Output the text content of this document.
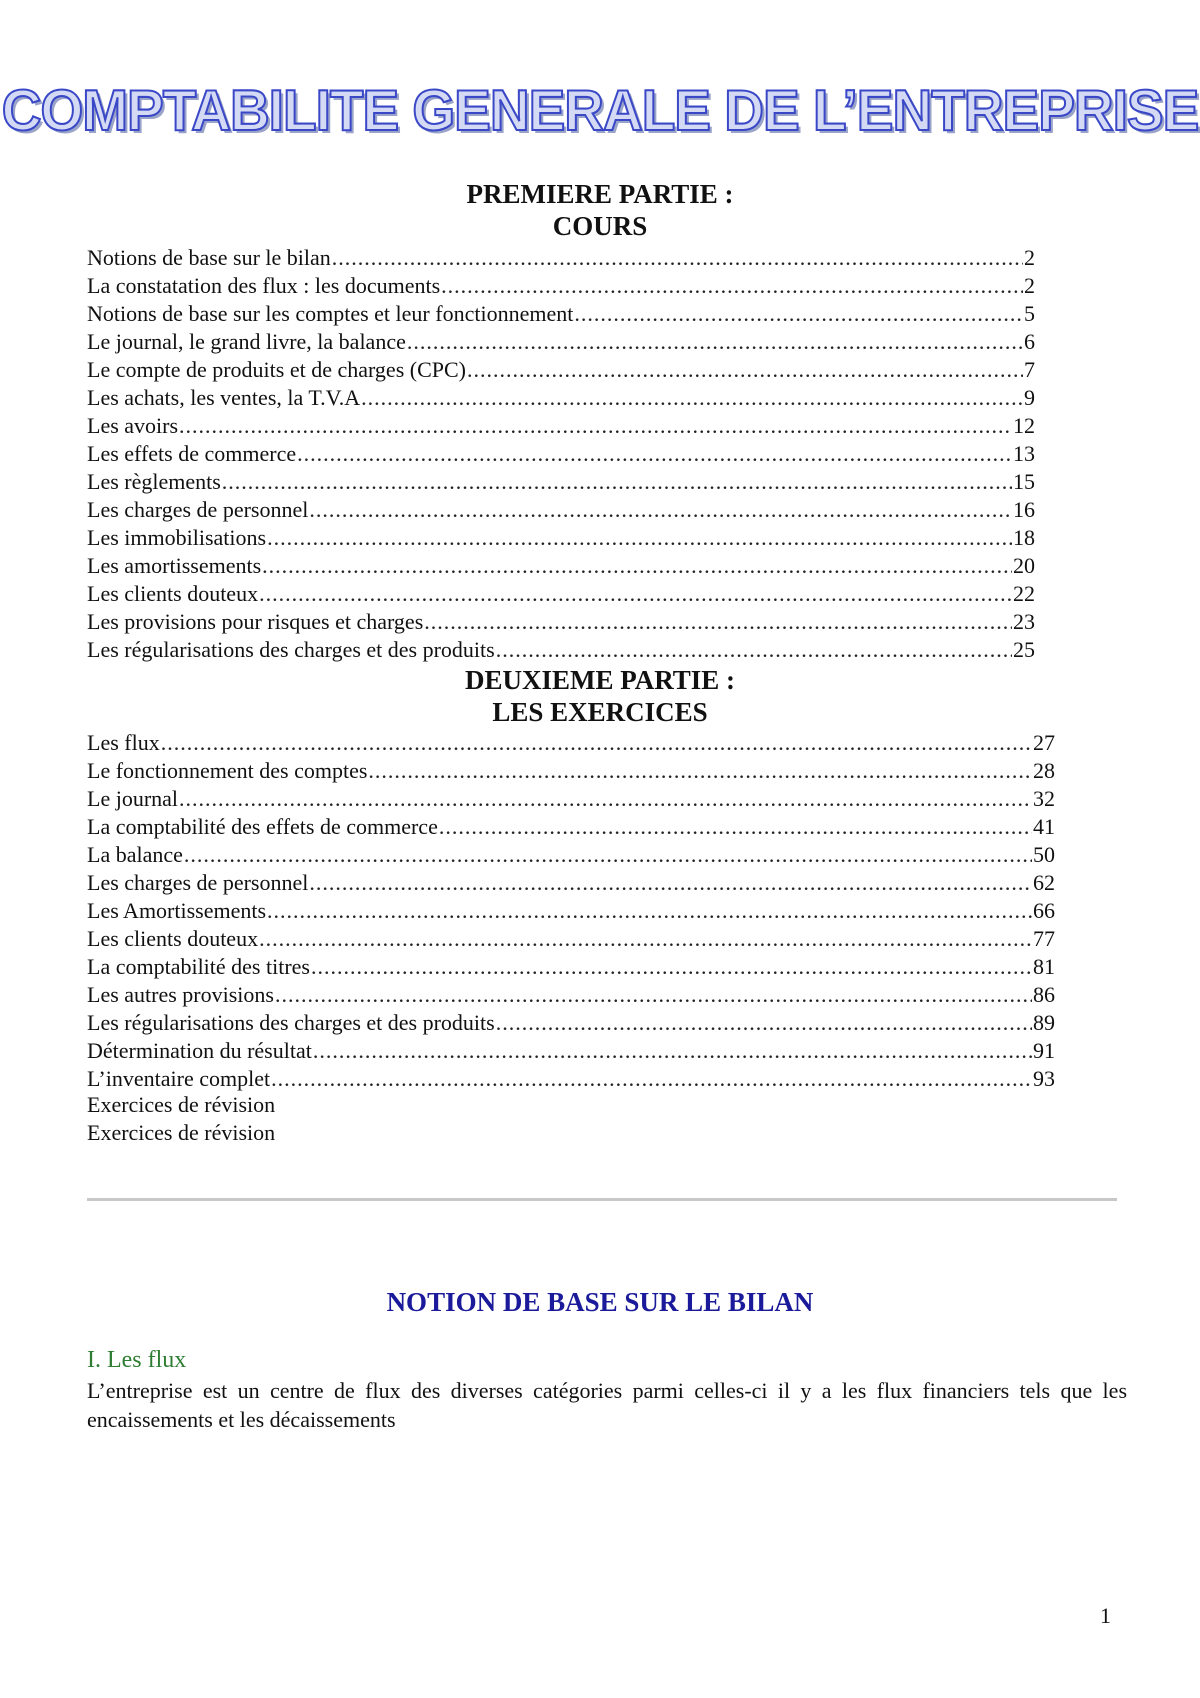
COMPTABILITE GENERALE DE L’ENTREPRISE
PREMIERE PARTIE :
COURS
Notions de base sur le bilan .....	2
La constatation des flux : les documents .....	2
Notions de base sur les comptes et leur fonctionnement .....	5
Le journal, le grand livre, la balance .....	6
Le compte de produits et de charges (CPC) .....	7
Les achats, les ventes, la T.V.A .....	9
Les avoirs .....	12
Les effets de commerce .....	13
Les règlements .....	15
Les charges de personnel .....	16
Les immobilisations .....	18
Les amortissements .....	20
Les clients douteux .....	22
Les provisions pour risques et charges .....	23
Les régularisations des charges et des produits .....	25
DEUXIEME PARTIE :
LES EXERCICES
Les flux .....	27
Le fonctionnement des comptes .....	28
Le journal .....	32
La comptabilité des effets de commerce .....	41
La balance .....	50
Les charges de personnel .....	62
Les Amortissements .....	66
Les clients douteux .....	77
La comptabilité des titres .....	81
Les autres provisions .....	86
Les régularisations des charges et des produits .....	89
Détermination du résultat .....	91
L’inventaire complet .....	93
Exercices de révision
Exercices de révision
NOTION DE BASE SUR LE BILAN
I. Les flux
L’entreprise est un centre de flux des diverses catégories parmi celles-ci il y a les flux financiers tels que les encaissements et les décaissements
1
